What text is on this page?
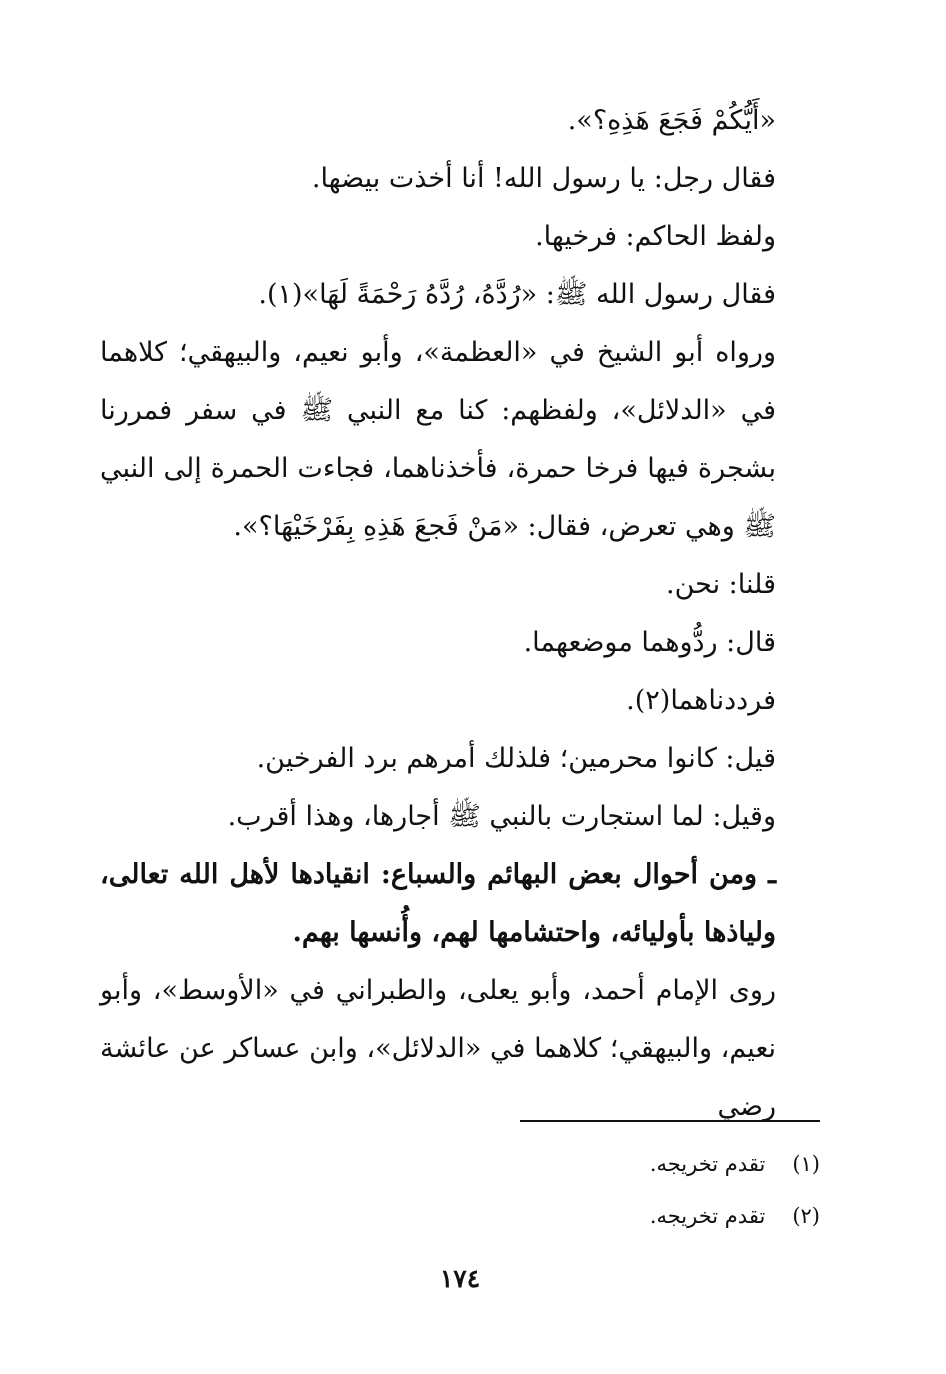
«أَيُّكُمْ فَجَعَ هَذِهِ؟».

فقال رجل: يا رسول الله! أنا أخذت بيضها.

ولفظ الحاكم: فرخيها.

فقال رسول الله ﷺ: «رُدَّهُ، رُدَّهُ رَحْمَةً لَهَا»(١).

ورواه أبو الشيخ في «العظمة»، وأبو نعيم، والبيهقي؛ كلاهما في «الدلائل»، ولفظهم: كنا مع النبي ﷺ في سفر فمررنا بشجرة فيها فرخا حمرة، فأخذناهما، فجاءت الحمرة إلى النبي ﷺ وهي تعرض، فقال: «مَنْ فَجعَ هَذِهِ بِفَرْخَيْهَا؟».

قلنا: نحن.

قال: ردُّوهما موضعهما.

فرددناهما(٢).

قيل: كانوا محرمين؛ فلذلك أمرهم برد الفرخين.

وقيل: لما استجارت بالنبي ﷺ أجارها، وهذا أقرب.

ـ ومن أحوال بعض البهائم والسباع: انقيادها لأهل الله تعالى، ولياذها بأوليائه، واحتشامها لهم، وأُنسها بهم.

روى الإمام أحمد، وأبو يعلى، والطبراني في «الأوسط»، وأبو نعيم، والبيهقي؛ كلاهما في «الدلائل»، وابن عساكر عن عائشة رضي

(١) تقدم تخريجه.

(٢) تقدم تخريجه.

١٧٤
